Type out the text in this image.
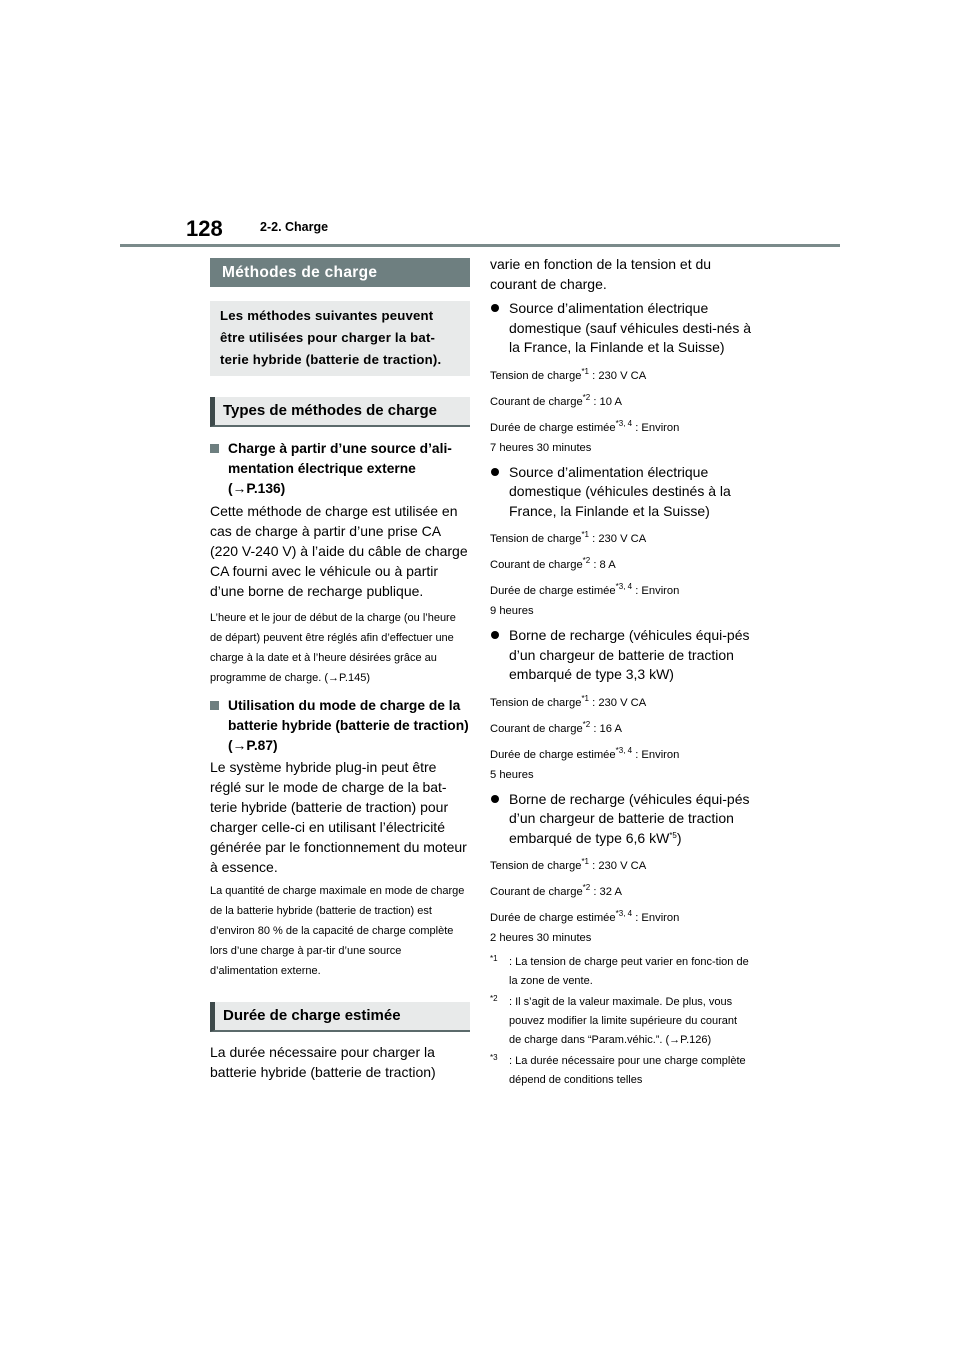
128	2-2. Charge
Méthodes de charge
Les méthodes suivantes peuvent être utilisées pour charger la bat-terie hybride (batterie de traction).
Types de méthodes de charge
Charge à partir d’une source d’ali-mentation électrique externe (→P.136)
Cette méthode de charge est utilisée en cas de charge à partir d’une prise CA (220 V-240 V) à l’aide du câble de charge CA fourni avec le véhicule ou à partir d’une borne de recharge publique.
L’heure et le jour de début de la charge (ou l’heure de départ) peuvent être réglés afin d’effectuer une charge à la date et à l’heure désirées grâce au programme de charge. (→P.145)
Utilisation du mode de charge de la batterie hybride (batterie de traction) (→P.87)
Le système hybride plug-in peut être réglé sur le mode de charge de la bat-terie hybride (batterie de traction) pour charger celle-ci en utilisant l’électricité générée par le fonctionnement du moteur à essence.
La quantité de charge maximale en mode de charge de la batterie hybride (batterie de traction) est d’environ 80 % de la capacité de charge complète lors d’une charge à par-tir d’une source d’alimentation externe.
Durée de charge estimée
La durée nécessaire pour charger la batterie hybride (batterie de traction)
varie en fonction de la tension et du courant de charge.
Source d’alimentation électrique domestique (sauf véhicules desti-nés à la France, la Finlande et la Suisse)
Tension de charge$^{*1}$ : 230 V CA
Courant de charge$^{*2}$ : 10 A
Durée de charge estimée$^{*3, 4}$ : Environ
7 heures 30 minutes
Source d’alimentation électrique domestique (véhicules destinés à la France, la Finlande et la Suisse)
Tension de charge$^{*1}$ : 230 V CA
Courant de charge$^{*2}$ : 8 A
Durée de charge estimée$^{*3, 4}$ : Environ
9 heures
Borne de recharge (véhicules équi-pés d’un chargeur de batterie de traction embarqué de type 3,3 kW)
Tension de charge$^{*1}$ : 230 V CA
Courant de charge$^{*2}$ : 16 A
Durée de charge estimée$^{*3, 4}$ : Environ
5 heures
Borne de recharge (véhicules équi-pés d’un chargeur de batterie de traction embarqué de type 6,6 $kW^{*5}$)
Tension de charge$^{*1}$ : 230 V CA
Courant de charge$^{*2}$ : 32 A
Durée de charge estimée$^{*3, 4}$ : Environ
2 heures 30 minutes
$^{*1}$ : La tension de charge peut varier en fonc-tion de la zone de vente.
$^{*2}$ : Il s’agit de la valeur maximale. De plus, vous pouvez modifier la limite supérieure du courant de charge dans “Param.véhic.”. (→P.126)
$^{*3}$ : La durée nécessaire pour une charge complète dépend de conditions telles
